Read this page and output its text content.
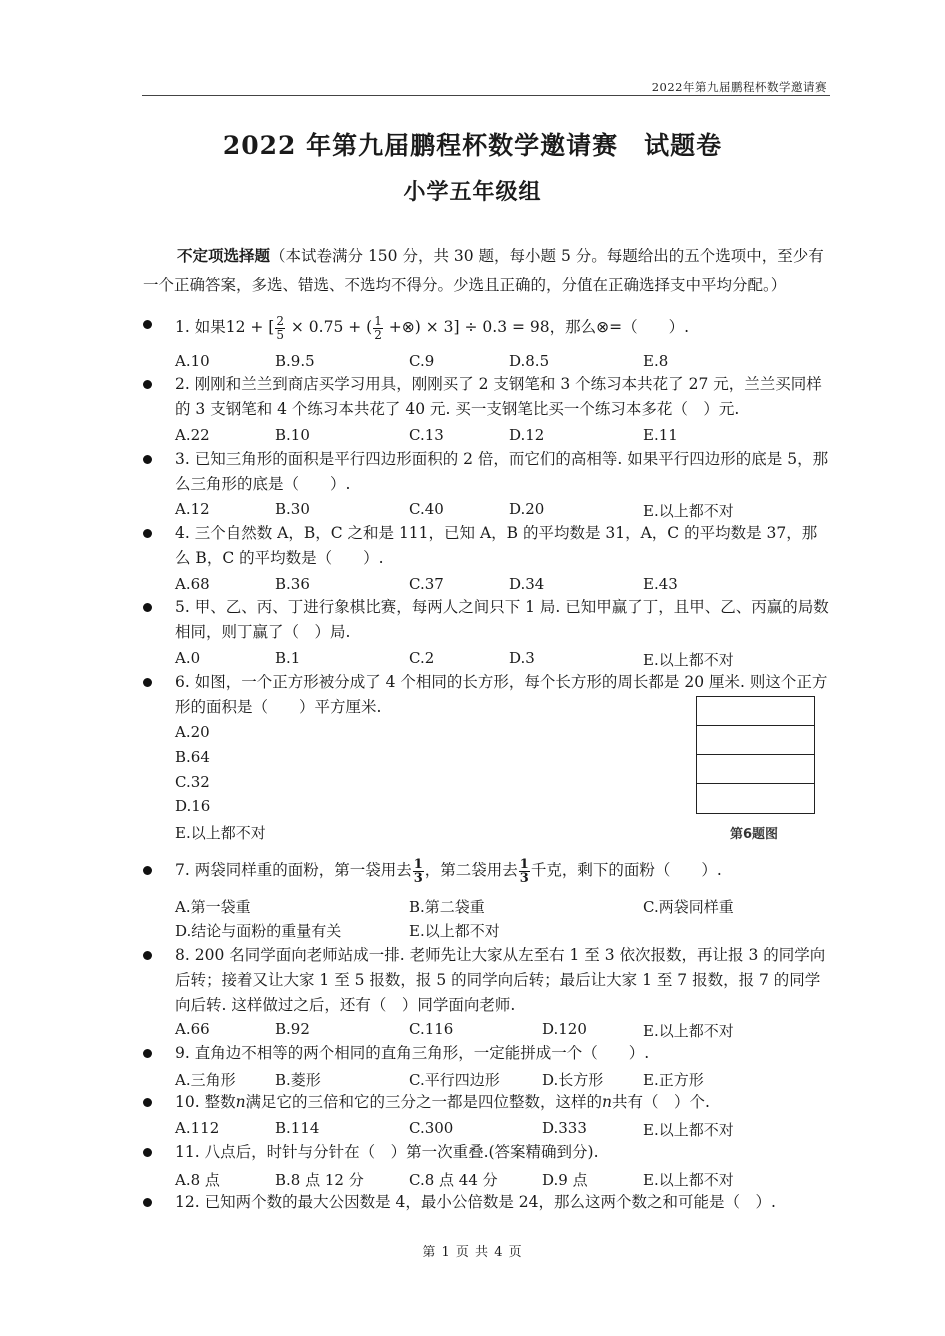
2022年第九届鹏程杯数学邀请赛
2022 年第九届鹏程杯数学邀请赛　试题卷
小学五年级组
不定项选择题（本试卷满分 150 分，共 30 题，每小题 5 分。每题给出的五个选项中，至少有一个正确答案，多选、错选、不选均不得分。少选且正确的，分值在正确选择支中平均分配。）
1. 如果12 + [ $\frac{2}{5} \times 0.75$ + ( $\frac{1}{2}$ +⊗) × 3] ÷ 0.3 = 98，那么⊗=（　　）.
A.10	B.9.5	C.9	D.8.5	E.8
2. 刚刚和兰兰到商店买学习用具，刚刚买了 2 支钢笔和 3 个练习本共花了 27 元，兰兰买同样的 3 支钢笔和 4 个练习本共花了 40 元. 买一支钢笔比买一个练习本多花（　）元.
A.22	B.10	C.13	D.12	E.11
3. 已知三角形的面积是平行四边形面积的 2 倍，而它们的高相等. 如果平行四边形的底是 5，那么三角形的底是（　　）.
A.12	B.30	C.40	D.20	E.以上都不对
4. 三个自然数 A，B，C 之和是 111，已知 A，B 的平均数是 31，A，C 的平均数是 37，那么 B，C 的平均数是（　　）.
A.68	B.36	C.37	D.34	E.43
5. 甲、乙、丙、丁进行象棋比赛，每两人之间只下 1 局. 已知甲赢了丁，且甲、乙、丙赢的局数相同，则丁赢了（　）局.
A.0	B.1	C.2	D.3	E.以上都不对
6. 如图，一个正方形被分成了 4 个相同的长方形，每个长方形的周长都是 20 厘米. 则这个正方形的面积是（　　）平方厘米.
A.20
B.64
C.32
D.16
E.以上都不对	第6题图
7. 两袋同样重的面粉，第一袋用去 $\frac{1}{3}$ ，第二袋用去 $\frac{1}{3}$ 千克，剩下的面粉（　　）.
A.第一袋重	B.第二袋重	C.两袋同样重
D.结论与面粉的重量有关	E.以上都不对
8. 200 名同学面向老师站成一排. 老师先让大家从左至右 1 至 3 依次报数，再让报 3 的同学向后转；接着又让大家 1 至 5 报数，报 5 的同学向后转；最后让大家 1 至 7 报数，报 7 的同学向后转. 这样做过之后，还有（　）同学面向老师.
A.66	B.92	C.116	D.120	E.以上都不对
9. 直角边不相等的两个相同的直角三角形，一定能拼成一个（　　）.
A.三角形	B.菱形	C.平行四边形	D.长方形	E.正方形
10. 整数𝑛满足它的三倍和它的三分之一都是四位整数，这样的𝑛共有（　）个.
A.112	B.114	C.300	D.333	E.以上都不对
11. 八点后，时针与分针在（　）第一次重叠.(答案精确到分).
A.8 点	B.8 点 12 分	C.8 点 44 分	D.9 点	E.以上都不对
12. 已知两个数的最大公因数是 4，最小公倍数是 24，那么这两个数之和可能是（　）.
第 1 页 共 4 页
